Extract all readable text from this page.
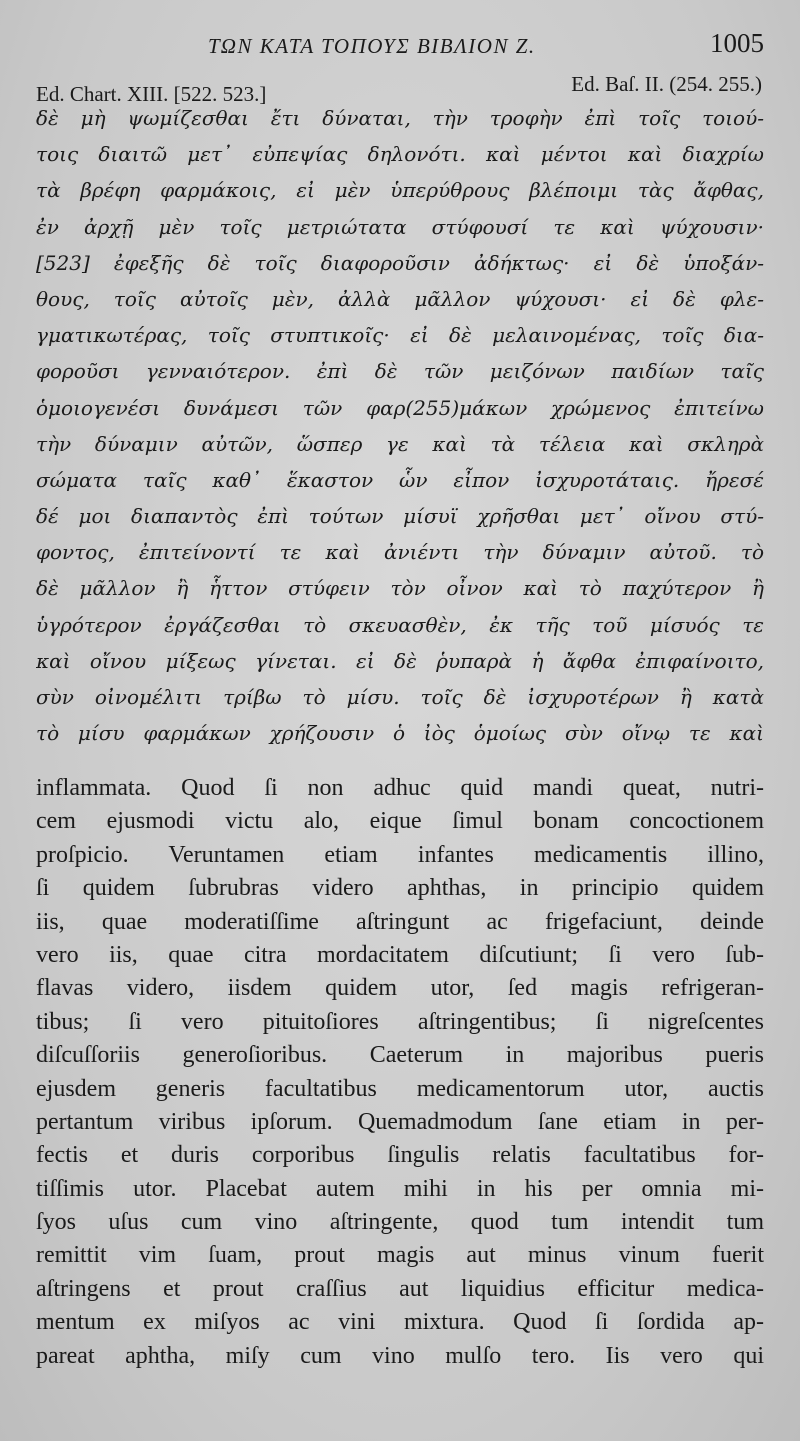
ΤΩΝ ΚΑΤΑ ΤΟΠΟΥΣ ΒΙΒΛΙΟΝ Ζ.	1005
Ed. Chart. XIII. [522. 523.]	Ed. Baſ. II. (254. 255.)
δὲ μὴ ψωμίζεσθαι ἔτι δύναται, τὴν τροφὴν ἐπὶ τοῖς τοιού-
τοις διαιτῶ μετ᾽ εὐπεψίας δηλονότι. καὶ μέντοι καὶ διαχρίω
τὰ βρέφη φαρμάκοις, εἰ μὲν ὑπερύθρους βλέποιμι τὰς ἄφθας,
ἐν ἀρχῇ μὲν τοῖς μετριώτατα στύφουσί τε καὶ ψύχουσιν·
[523] ἐφεξῆς δὲ τοῖς διαφοροῦσιν ἀδήκτως· εἰ δὲ ὑποξάν-
θους, τοῖς αὐτοῖς μὲν, ἀλλὰ μᾶλλον ψύχουσι· εἰ δὲ φλε-
γματικωτέρας, τοῖς στυπτικοῖς· εἰ δὲ μελαινομένας, τοῖς δια-
φοροῦσι γενναιότερον. ἐπὶ δὲ τῶν μειζόνων παιδίων ταῖς
ὁμοιογενέσι δυνάμεσι τῶν φαρ(255)μάκων χρώμενος ἐπιτείνω
τὴν δύναμιν αὐτῶν, ὥσπερ γε καὶ τὰ τέλεια καὶ σκληρὰ
σώματα ταῖς καθ᾽ ἕκαστον ὧν εἶπον ἰσχυροτάταις. ἤρεσέ
δέ μοι διαπαντὸς ἐπὶ τούτων μίσυϊ χρῆσθαι μετ᾽ οἴνου στύ-
φοντος, ἐπιτείνοντί τε καὶ ἀνιέντι τὴν δύναμιν αὐτοῦ. τὸ
δὲ μᾶλλον ἢ ἧττον στύφειν τὸν οἶνον καὶ τὸ παχύτερον ἢ
ὑγρότερον ἐργάζεσθαι τὸ σκευασθὲν, ἐκ τῆς τοῦ μίσυός τε
καὶ οἴνου μίξεως γίνεται. εἰ δὲ ῥυπαρὰ ἡ ἄφθα ἐπιφαίνοιτο,
σὺν οἰνομέλιτι τρίβω τὸ μίσυ. τοῖς δὲ ἰσχυροτέρων ἢ κατὰ
τὸ μίσυ φαρμάκων χρήζουσιν ὁ ἰὸς ὁμοίως σὺν οἴνῳ τε καὶ
inflammata. Quod ſi non adhuc quid mandi queat, nutri-
cem ejusmodi victu alo, eique ſimul bonam concoctionem
proſpicio. Veruntamen etiam infantes medicamentis illino,
ſi quidem ſubrubras videro aphthas, in principio quidem
iis, quae moderatiſſime aſtringunt ac frigefaciunt, deinde
vero iis, quae citra mordacitatem diſcutiunt; ſi vero ſub-
flavas videro, iisdem quidem utor, ſed magis refrigeran-
tibus; ſi vero pituitoſiores aſtringentibus; ſi nigreſcentes
diſcuſſoriis generoſioribus. Caeterum in majoribus pueris
ejusdem generis facultatibus medicamentorum utor, auctis
pertantum viribus ipſorum. Quemadmodum ſane etiam in per-
fectis et duris corporibus ſingulis relatis facultatibus for-
tiſſimis utor. Placebat autem mihi in his per omnia mi-
ſyos uſus cum vino aſtringente, quod tum intendit tum
remittit vim ſuam, prout magis aut minus vinum fuerit
aſtringens et prout craſſius aut liquidius efficitur medica-
mentum ex miſyos ac vini mixtura. Quod ſi ſordida ap-
pareat aphtha, miſy cum vino mulſo tero. Iis vero qui
